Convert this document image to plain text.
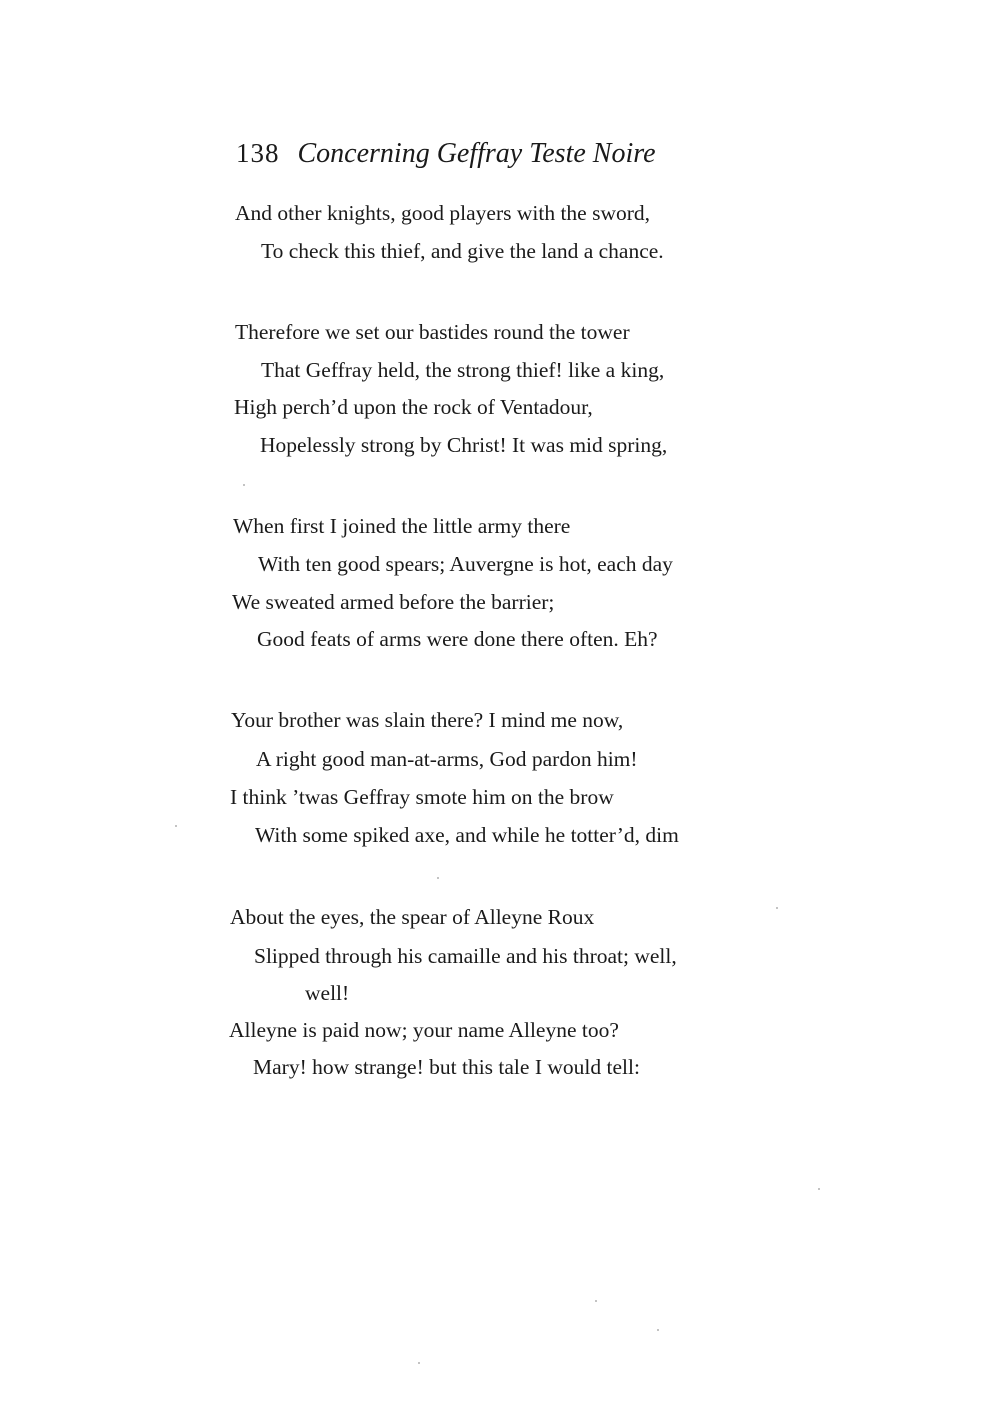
138 Concerning Geffray Teste Noire
And other knights, good players with the sword,
To check this thief, and give the land a chance.
Therefore we set our bastides round the tower
That Geffray held, the strong thief! like a king,
High perch’d upon the rock of Ventadour,
Hopelessly strong by Christ! It was mid spring,
When first I joined the little army there
With ten good spears; Auvergne is hot, each day
We sweated armed before the barrier;
Good feats of arms were done there often. Eh?
Your brother was slain there? I mind me now,
A right good man-at-arms, God pardon him!
I think ’twas Geffray smote him on the brow
With some spiked axe, and while he totter’d, dim
About the eyes, the spear of Alleyne Roux
Slipped through his camaille and his throat; well,
well!
Alleyne is paid now; your name Alleyne too?
Mary! how strange! but this tale I would tell:
